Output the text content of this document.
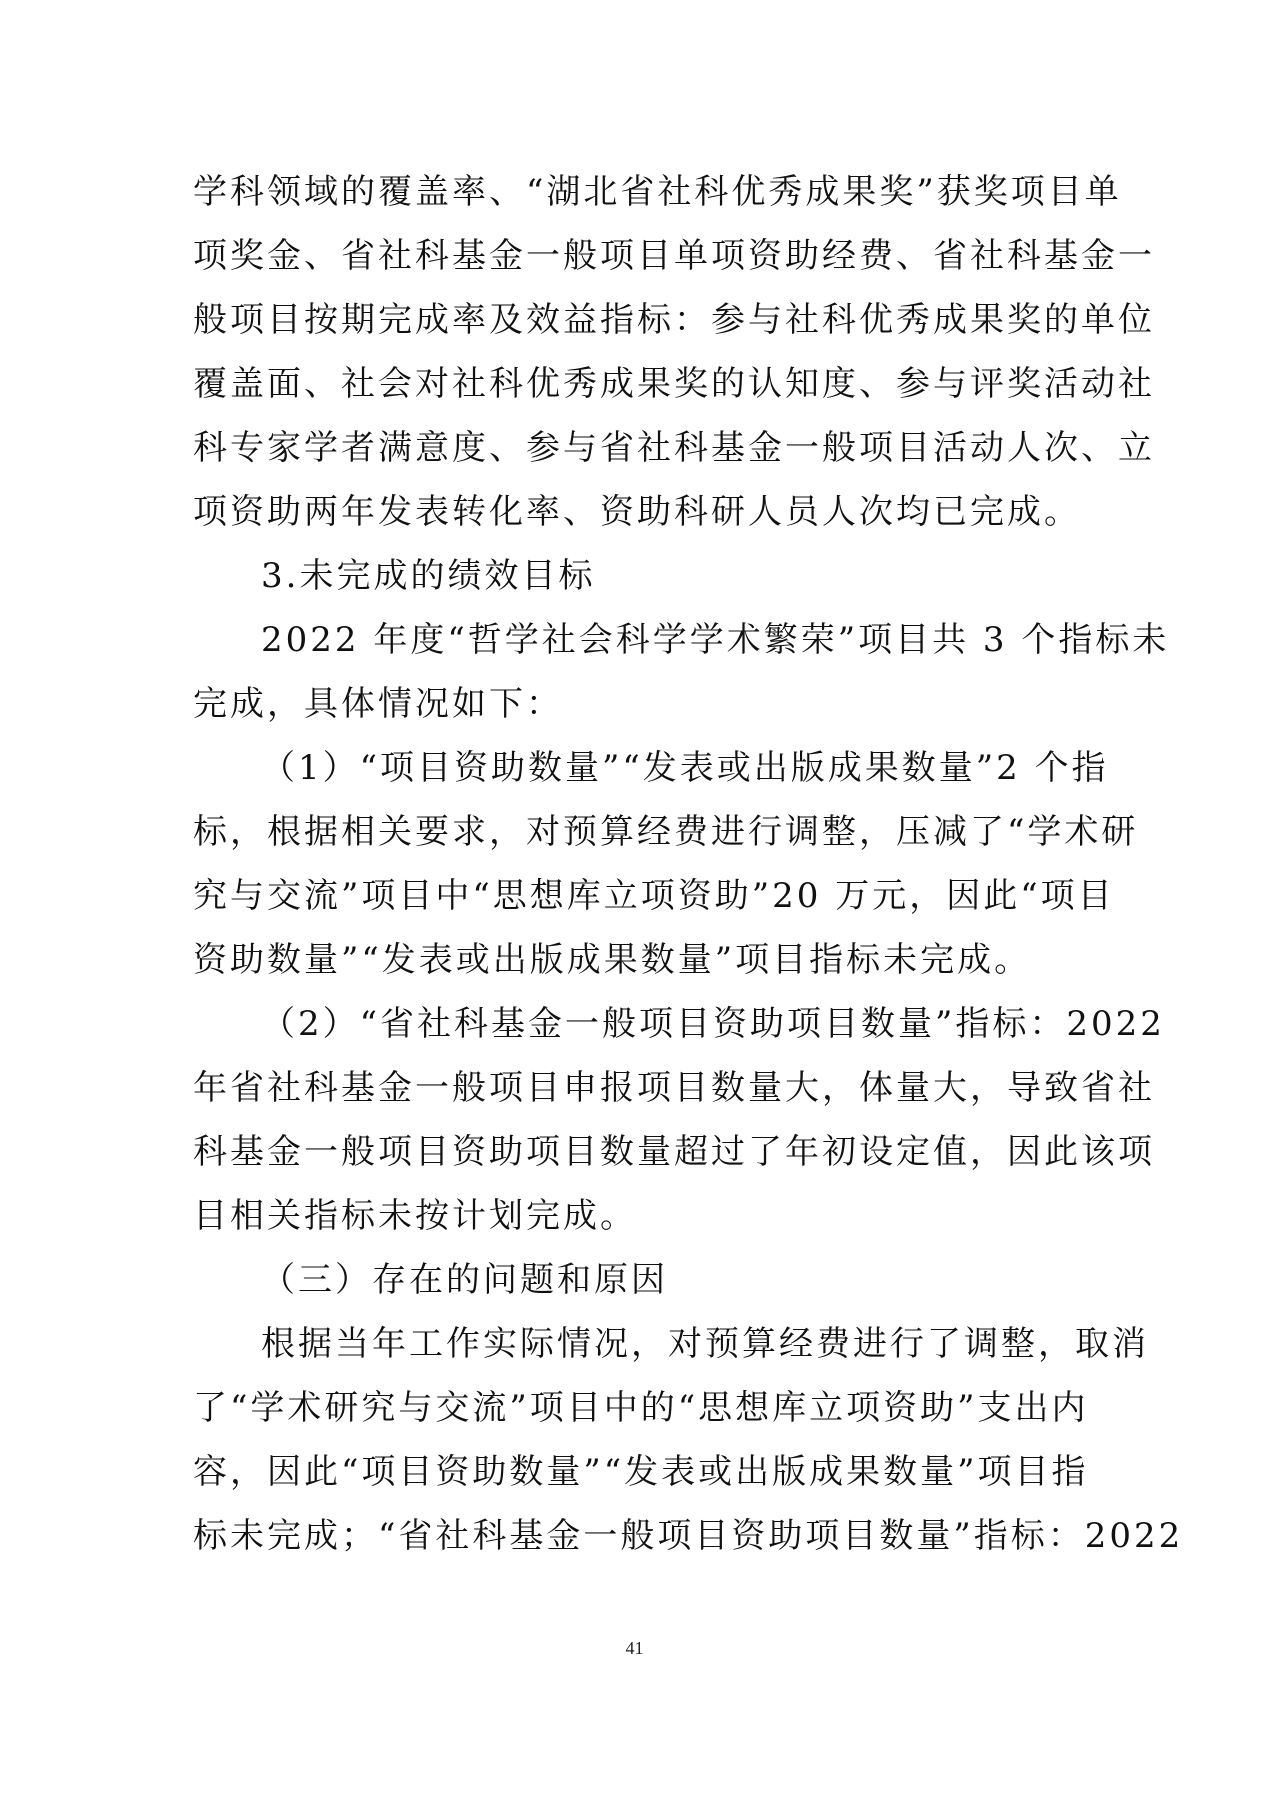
学科领域的覆盖率、“湖北省社科优秀成果奖”获奖项目单
项奖金、省社科基金一般项目单项资助经费、省社科基金一
般项目按期完成率及效益指标：参与社科优秀成果奖的单位
覆盖面、社会对社科优秀成果奖的认知度、参与评奖活动社
科专家学者满意度、参与省社科基金一般项目活动人次、立
项资助两年发表转化率、资助科研人员人次均已完成。
3.未完成的绩效目标
2022 年度“哲学社会科学学术繁荣”项目共 3 个指标未
完成，具体情况如下：
（1）“项目资助数量”“发表或出版成果数量”2 个指
标，根据相关要求，对预算经费进行调整，压减了“学术研
究与交流”项目中“思想库立项资助”20 万元，因此“项目
资助数量”“发表或出版成果数量”项目指标未完成。
（2）“省社科基金一般项目资助项目数量”指标：2022
年省社科基金一般项目申报项目数量大，体量大，导致省社
科基金一般项目资助项目数量超过了年初设定值，因此该项
目相关指标未按计划完成。
（三）存在的问题和原因
根据当年工作实际情况，对预算经费进行了调整，取消
了“学术研究与交流”项目中的“思想库立项资助”支出内
容，因此“项目资助数量”“发表或出版成果数量”项目指
标未完成；“省社科基金一般项目资助项目数量”指标：2022
41
